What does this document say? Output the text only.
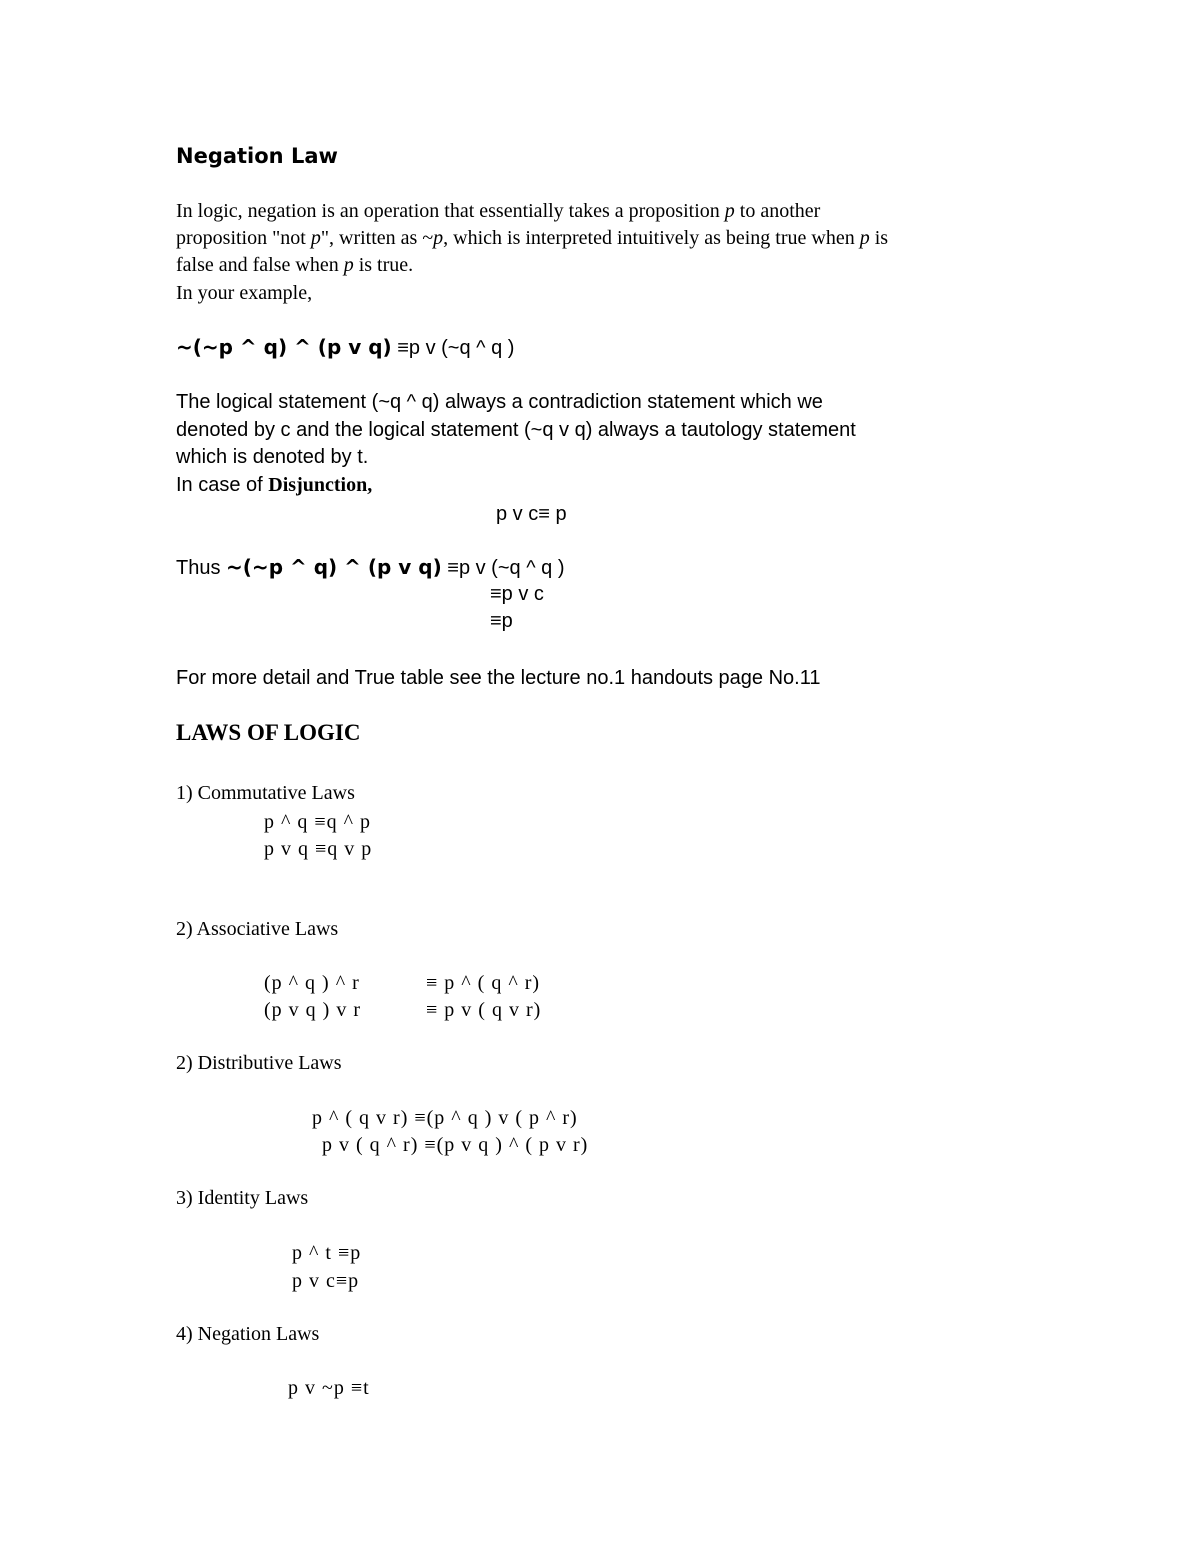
Negation Law
In logic, negation is an operation that essentially takes a proposition p to another
proposition "not p", written as ~p, which is interpreted intuitively as being true when p is
false and false when p is true.
In your example,
~(~p ^ q) ^ (p v q) ≡p v (~q ^ q )
The logical statement (~q ^ q) always a contradiction statement which we
denoted by c and the logical statement (~q v q) always a tautology statement
which is denoted by t.
In case of Disjunction,
p v c≡ p
Thus ~(~p ^ q) ^ (p v q) ≡p v (~q ^ q )
≡p v c
≡p
For more detail and True table see the lecture no.1 handouts page No.11
LAWS OF LOGIC
1) Commutative Laws
p ^ q ≡q ^ p
p v q ≡q v p
2) Associative Laws
(p ^ q ) ^ r	≡ p ^ ( q ^ r)
(p v q ) v r	≡ p v ( q v r)
2) Distributive Laws
p ^ ( q v r) ≡(p ^ q ) v ( p ^ r)
p v ( q ^ r) ≡(p v q ) ^ ( p v r)
3) Identity Laws
p ^ t ≡p
p v c≡p
4) Negation Laws
p v ~p ≡t
